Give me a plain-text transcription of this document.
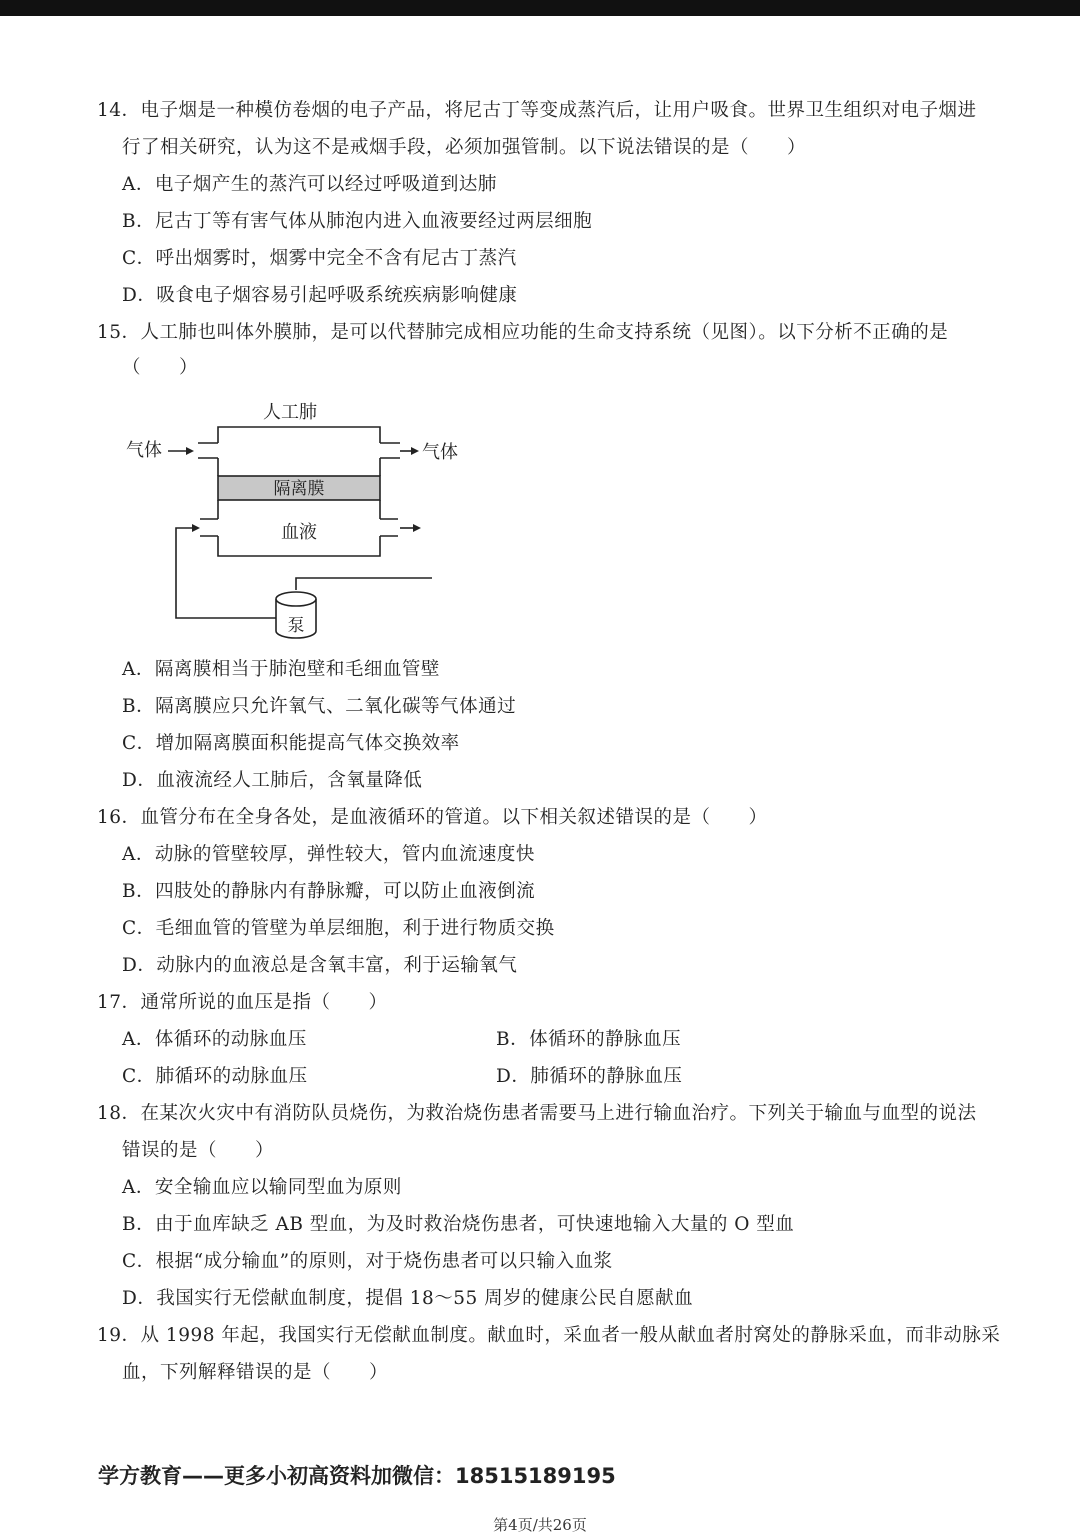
14．电子烟是一种模仿卷烟的电子产品，将尼古丁等变成蒸汽后，让用户吸食。世界卫生组织对电子烟进
行了相关研究，认为这不是戒烟手段，必须加强管制。以下说法错误的是（　　）
A．电子烟产生的蒸汽可以经过呼吸道到达肺
B．尼古丁等有害气体从肺泡内进入血液要经过两层细胞
C．呼出烟雾时，烟雾中完全不含有尼古丁蒸汽
D．吸食电子烟容易引起呼吸系统疾病影响健康
15．人工肺也叫体外膜肺，是可以代替肺完成相应功能的生命支持系统（见图）。以下分析不正确的是
（　　）
人工肺
气体	气体
隔离膜
血液
泵
A．隔离膜相当于肺泡壁和毛细血管壁
B．隔离膜应只允许氧气、二氧化碳等气体通过
C．增加隔离膜面积能提高气体交换效率
D．血液流经人工肺后，含氧量降低
16．血管分布在全身各处，是血液循环的管道。以下相关叙述错误的是（　　）
A．动脉的管壁较厚，弹性较大，管内血流速度快
B．四肢处的静脉内有静脉瓣，可以防止血液倒流
C．毛细血管的管壁为单层细胞，利于进行物质交换
D．动脉内的血液总是含氧丰富，利于运输氧气
17．通常所说的血压是指（　　）
A．体循环的动脉血压	B．体循环的静脉血压
C．肺循环的动脉血压	D．肺循环的静脉血压
18．在某次火灾中有消防队员烧伤，为救治烧伤患者需要马上进行输血治疗。下列关于输血与血型的说法
错误的是（　　）
A．安全输血应以输同型血为原则
B．由于血库缺乏 AB 型血，为及时救治烧伤患者，可快速地输入大量的 O 型血
C．根据“成分输血”的原则，对于烧伤患者可以只输入血浆
D．我国实行无偿献血制度，提倡 18～55 周岁的健康公民自愿献血
19．从 1998 年起，我国实行无偿献血制度。献血时，采血者一般从献血者肘窝处的静脉采血，而非动脉采
血，下列解释错误的是（　　）
学方教育——更多小初高资料加微信：18515189195
第4页/共26页
